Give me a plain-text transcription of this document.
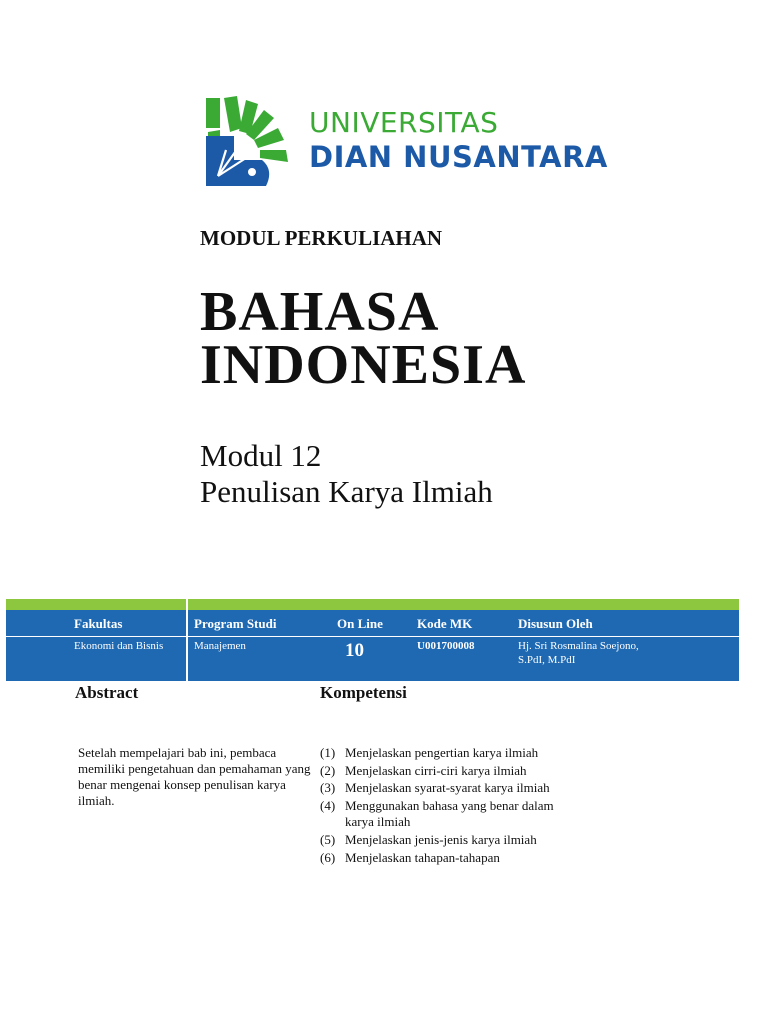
UNIVERSITAS
DIAN NUSANTARA
MODUL PERKULIAHAN
BAHASA
INDONESIA
Modul 12
Penulisan Karya Ilmiah
Fakultas	Program Studi	On Line	Kode MK	Disusun Oleh
Ekonomi dan Bisnis	Manajemen	10	U001700008	Hj. Sri Rosmalina Soejono,
S.PdI, M.PdI
Abstract
Setelah mempelajari bab ini, pembaca memiliki pengetahuan dan pemahaman yang benar mengenai konsep penulisan karya ilmiah.
Kompetensi
(1) Menjelaskan pengertian karya ilmiah
(2) Menjelaskan cirri-ciri karya ilmiah
(3) Menjelaskan syarat-syarat karya ilmiah
(4) Menggunakan bahasa yang benar dalam karya ilmiah
(5) Menjelaskan jenis-jenis karya ilmiah
(6) Menjelaskan tahapan-tahapan
